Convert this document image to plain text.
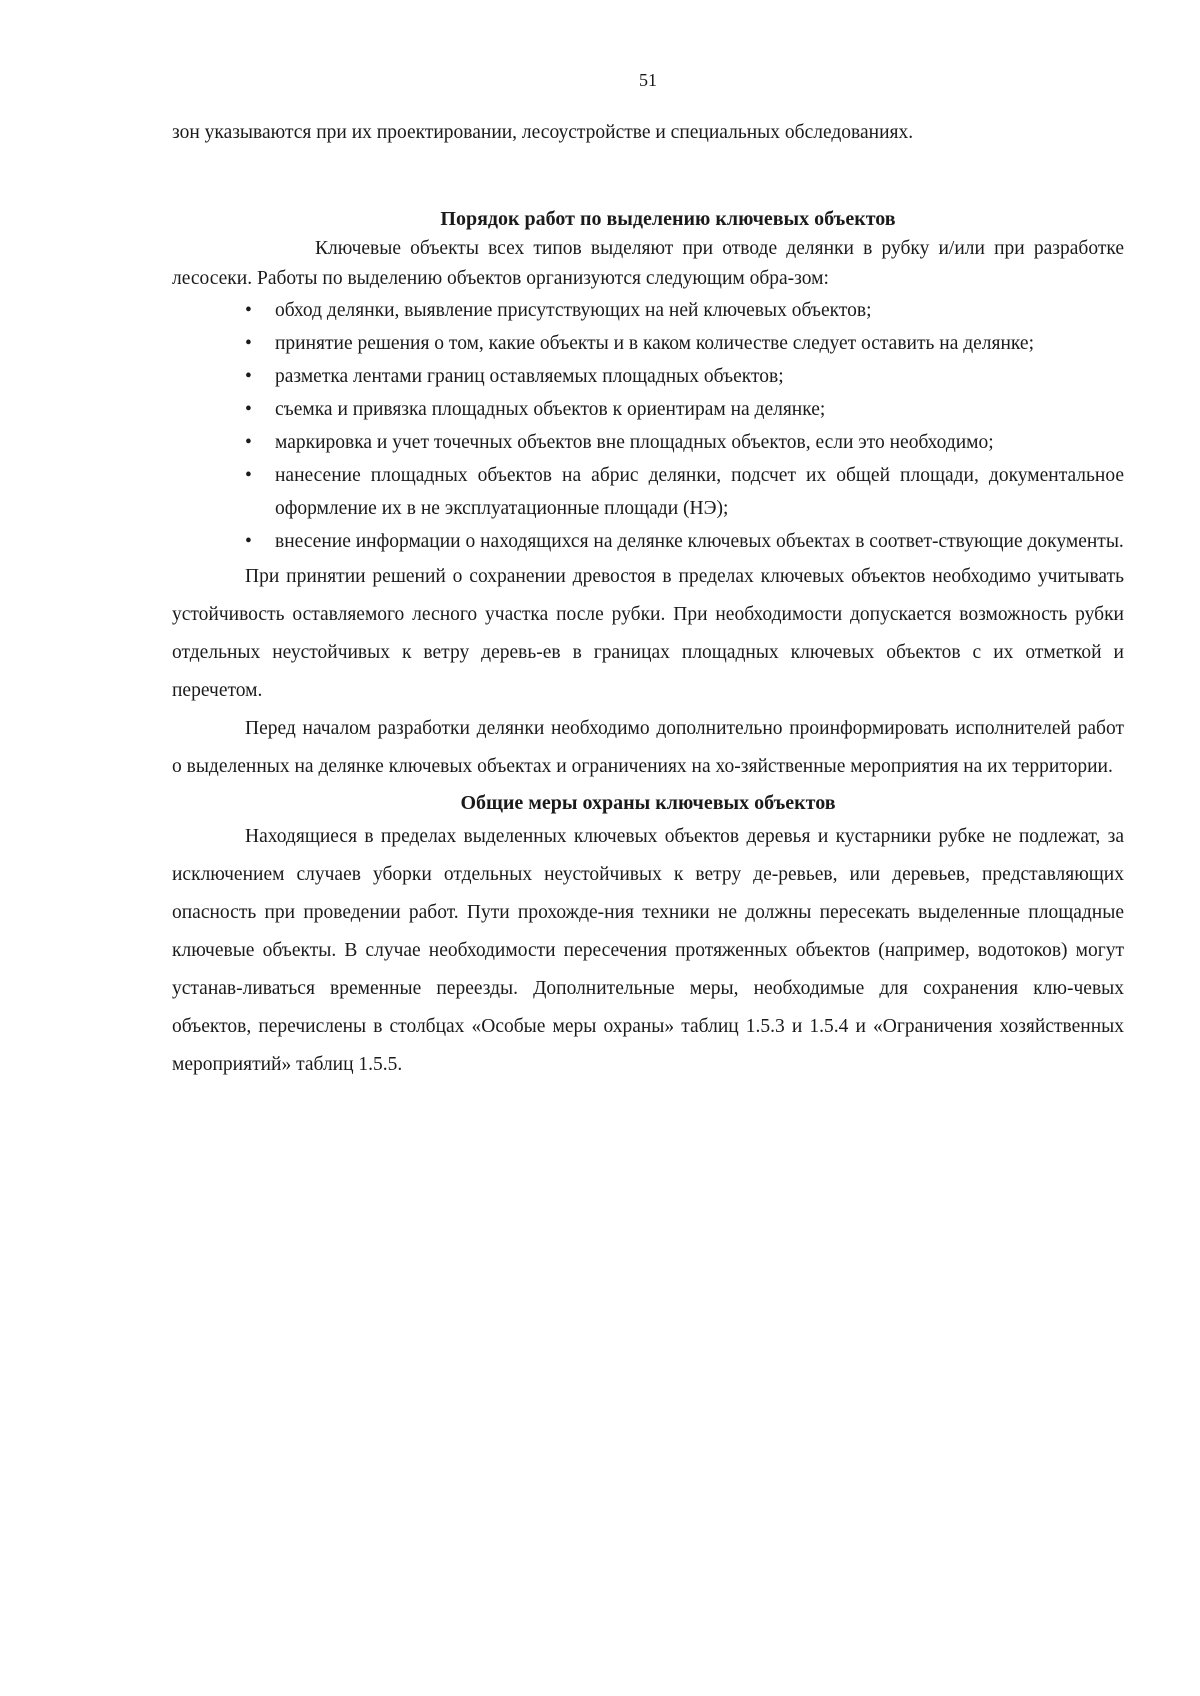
51

зон указываются при их проектировании, лесоустройстве и специальных обследованиях.

Порядок работ по выделению ключевых объектов

Ключевые объекты всех типов выделяют при отводе делянки в рубку и/или при разработке лесосеки. Работы по выделению объектов организуются следующим обра-зом:

• обход делянки, выявление присутствующих на ней ключевых объектов;
• принятие решения о том, какие объекты и в каком количестве следует оставить на делянке;
• разметка лентами границ оставляемых площадных объектов;
• съемка и привязка площадных объектов к ориентирам на делянке;
• маркировка и учет точечных объектов вне площадных объектов, если это необходимо;
•	нанесение площадных объектов на абрис делянки, подсчет их общей площади, документальное оформление их в не эксплуатационные площади (НЭ);
•	внесение информации о находящихся на делянке ключевых объектах в соответ-ствующие документы.

При принятии решений о сохранении древостоя в пределах ключевых объектов необходимо учитывать устойчивость оставляемого лесного участка после рубки. При необходимости допускается возможность рубки отдельных неустойчивых к ветру деревь-ев в границах площадных ключевых объектов с их отметкой и перечетом.

Перед началом разработки делянки необходимо дополнительно проинформировать исполнителей работ о выделенных на делянке ключевых объектах и ограничениях на хо-зяйственные мероприятия на их территории.

Общие меры охраны ключевых объектов

Находящиеся в пределах выделенных ключевых объектов деревья и кустарники рубке не подлежат, за исключением случаев уборки отдельных неустойчивых к ветру де-ревьев, или деревьев, представляющих опасность при проведении работ. Пути прохожде-ния техники не должны пересекать выделенные площадные ключевые объекты. В случае необходимости пересечения протяженных объектов (например, водотоков) могут устанав-ливаться временные переезды. Дополнительные меры, необходимые для сохранения клю-чевых объектов, перечислены в столбцах «Особые меры охраны» таблиц 1.5.3 и 1.5.4 и «Ограничения хозяйственных мероприятий» таблиц 1.5.5.
